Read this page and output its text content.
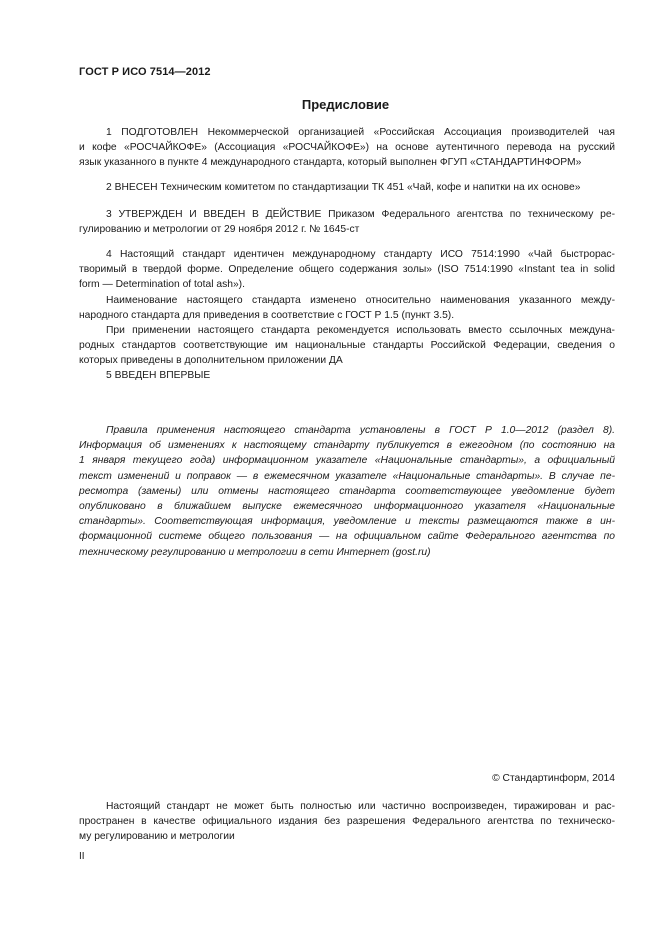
ГОСТ Р ИСО 7514—2012
Предисловие
1 ПОДГОТОВЛЕН Некоммерческой организацией «Российская Ассоциация производителей чая
и кофе «РОСЧАЙКОФЕ» (Ассоциация «РОСЧАЙКОФЕ») на основе аутентичного перевода на русский
язык указанного в пункте 4 международного стандарта, который выполнен ФГУП «СТАНДАРТИНФОРМ»
2 ВНЕСЕН Техническим комитетом по стандартизации ТК 451 «Чай, кофе и напитки на их основе»
3 УТВЕРЖДЕН И ВВЕДЕН В ДЕЙСТВИЕ Приказом Федерального агентства по техническому ре-
гулированию и метрологии от 29 ноября 2012 г. № 1645-ст
4 Настоящий стандарт идентичен международному стандарту ИСО 7514:1990 «Чай быстрорас-
творимый в твердой форме. Определение общего содержания золы» (ISO 7514:1990 «Instant tea in solid
form — Determination of total ash»).
Наименование настоящего стандарта изменено относительно наименования указанного между-
народного стандарта для приведения в соответствие с ГОСТ Р 1.5 (пункт 3.5).
При применении настоящего стандарта рекомендуется использовать вместо ссылочных междуна-
родных стандартов соответствующие им национальные стандарты Российской Федерации, сведения о
которых приведены в дополнительном приложении ДА
5 ВВЕДЕН ВПЕРВЫЕ
Правила применения настоящего стандарта установлены в ГОСТ Р 1.0—2012 (раздел 8).
Информация об изменениях к настоящему стандарту публикуется в ежегодном (по состоянию на
1 января текущего года) информационном указателе «Национальные стандарты», а официальный
текст изменений и поправок — в ежемесячном указателе «Национальные стандарты». В случае пе-
ресмотра (замены) или отмены настоящего стандарта соответствующее уведомление будет
опубликовано в ближайшем выпуске ежемесячного информационного указателя «Национальные
стандарты». Соответствующая информация, уведомление и тексты размещаются также в ин-
формационной системе общего пользования — на официальном сайте Федерального агентства по
техническому регулированию и метрологии в сети Интернет (gost.ru)
© Стандартинформ, 2014
Настоящий стандарт не может быть полностью или частично воспроизведен, тиражирован и рас-
пространен в качестве официального издания без разрешения Федерального агентства по техническо-
му регулированию и метрологии
II
